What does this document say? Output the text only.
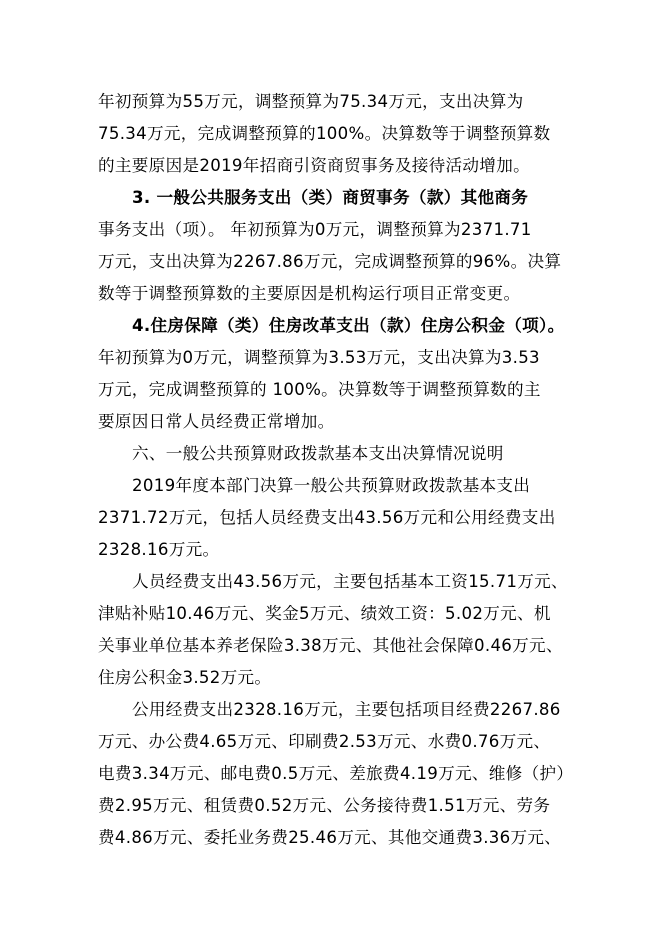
年初预算为55万元，调整预算为75.34万元，支出决算为
75.34万元，完成调整预算的100%。决算数等于调整预算数
的主要原因是2019年招商引资商贸事务及接待活动增加。
3. 一般公共服务支出（类）商贸事务（款）其他商务
事务支出（项）。 年初预算为0万元，调整预算为2371.71
万元，支出决算为2267.86万元，完成调整预算的96%。决算
数等于调整预算数的主要原因是机构运行项目正常变更。
4.住房保障（类）住房改革支出（款）住房公积金（项）。
年初预算为0万元，调整预算为3.53万元，支出决算为3.53
万元，完成调整预算的 100%。决算数等于调整预算数的主
要原因日常人员经费正常增加。
六、一般公共预算财政拨款基本支出决算情况说明
2019年度本部门决算一般公共预算财政拨款基本支出
2371.72万元，包括人员经费支出43.56万元和公用经费支出
2328.16万元。
人员经费支出43.56万元，主要包括基本工资15.71万元、
津贴补贴10.46万元、奖金5万元、绩效工资：5.02万元、机
关事业单位基本养老保险3.38万元、其他社会保障0.46万元、
住房公积金3.52万元。
公用经费支出2328.16万元，主要包括项目经费2267.86
万元、办公费4.65万元、印刷费2.53万元、水费0.76万元、
电费3.34万元、邮电费0.5万元、差旅费4.19万元、维修（护）
费2.95万元、租赁费0.52万元、公务接待费1.51万元、劳务
费4.86万元、委托业务费25.46万元、其他交通费3.36万元、
